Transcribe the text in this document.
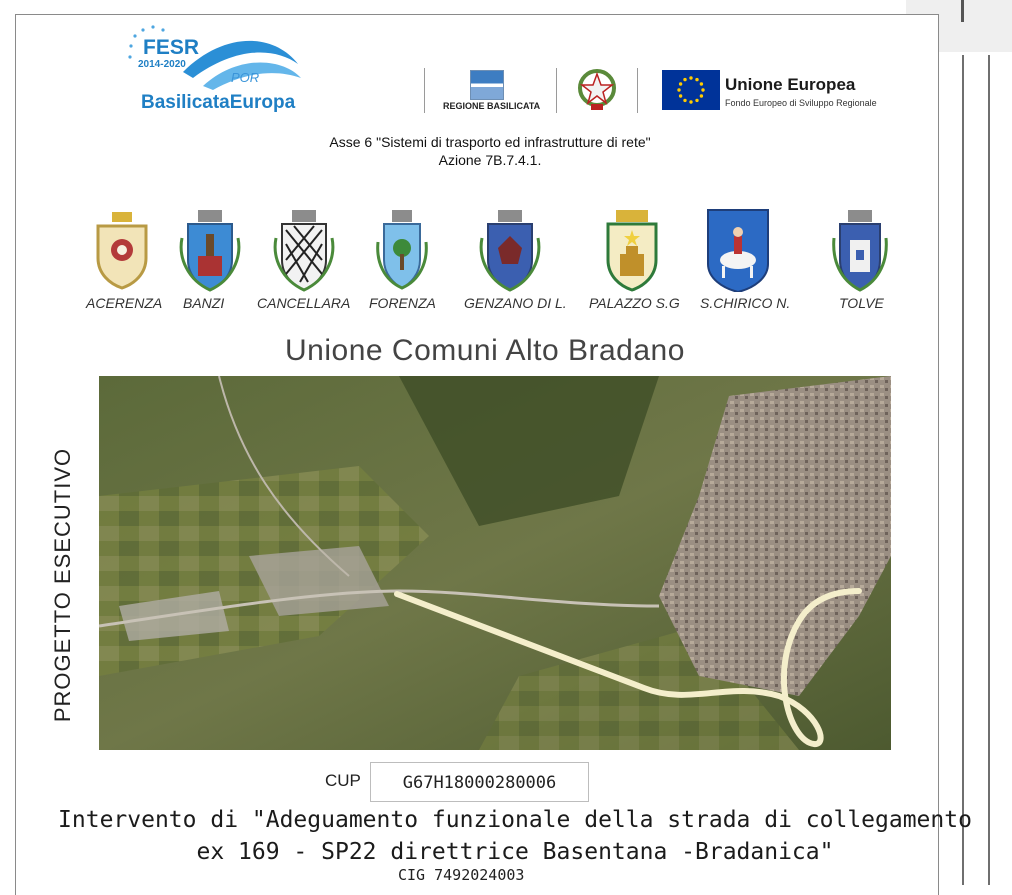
FESR
2014-2020
POR
BasilicataEuropa	REGIONE BASILICATA
Unione Europea
Fondo Europeo di Sviluppo Regionale
Asse 6 "Sistemi di trasporto ed infrastrutture di rete"
Azione 7B.7.4.1.
ACERENZA BANZI CANCELLARA FORENZA GENZANO DI L. PALAZZO S.G S.CHIRICO N.	TOLVE
Unione Comuni Alto Bradano
PROGETTO ESECUTIVO
CUP	G67H18000280006
Intervento di "Adeguamento funzionale della strada di collegamento
ex 169 - SP22 direttrice Basentana -Bradanica"
CIG 7492024003
